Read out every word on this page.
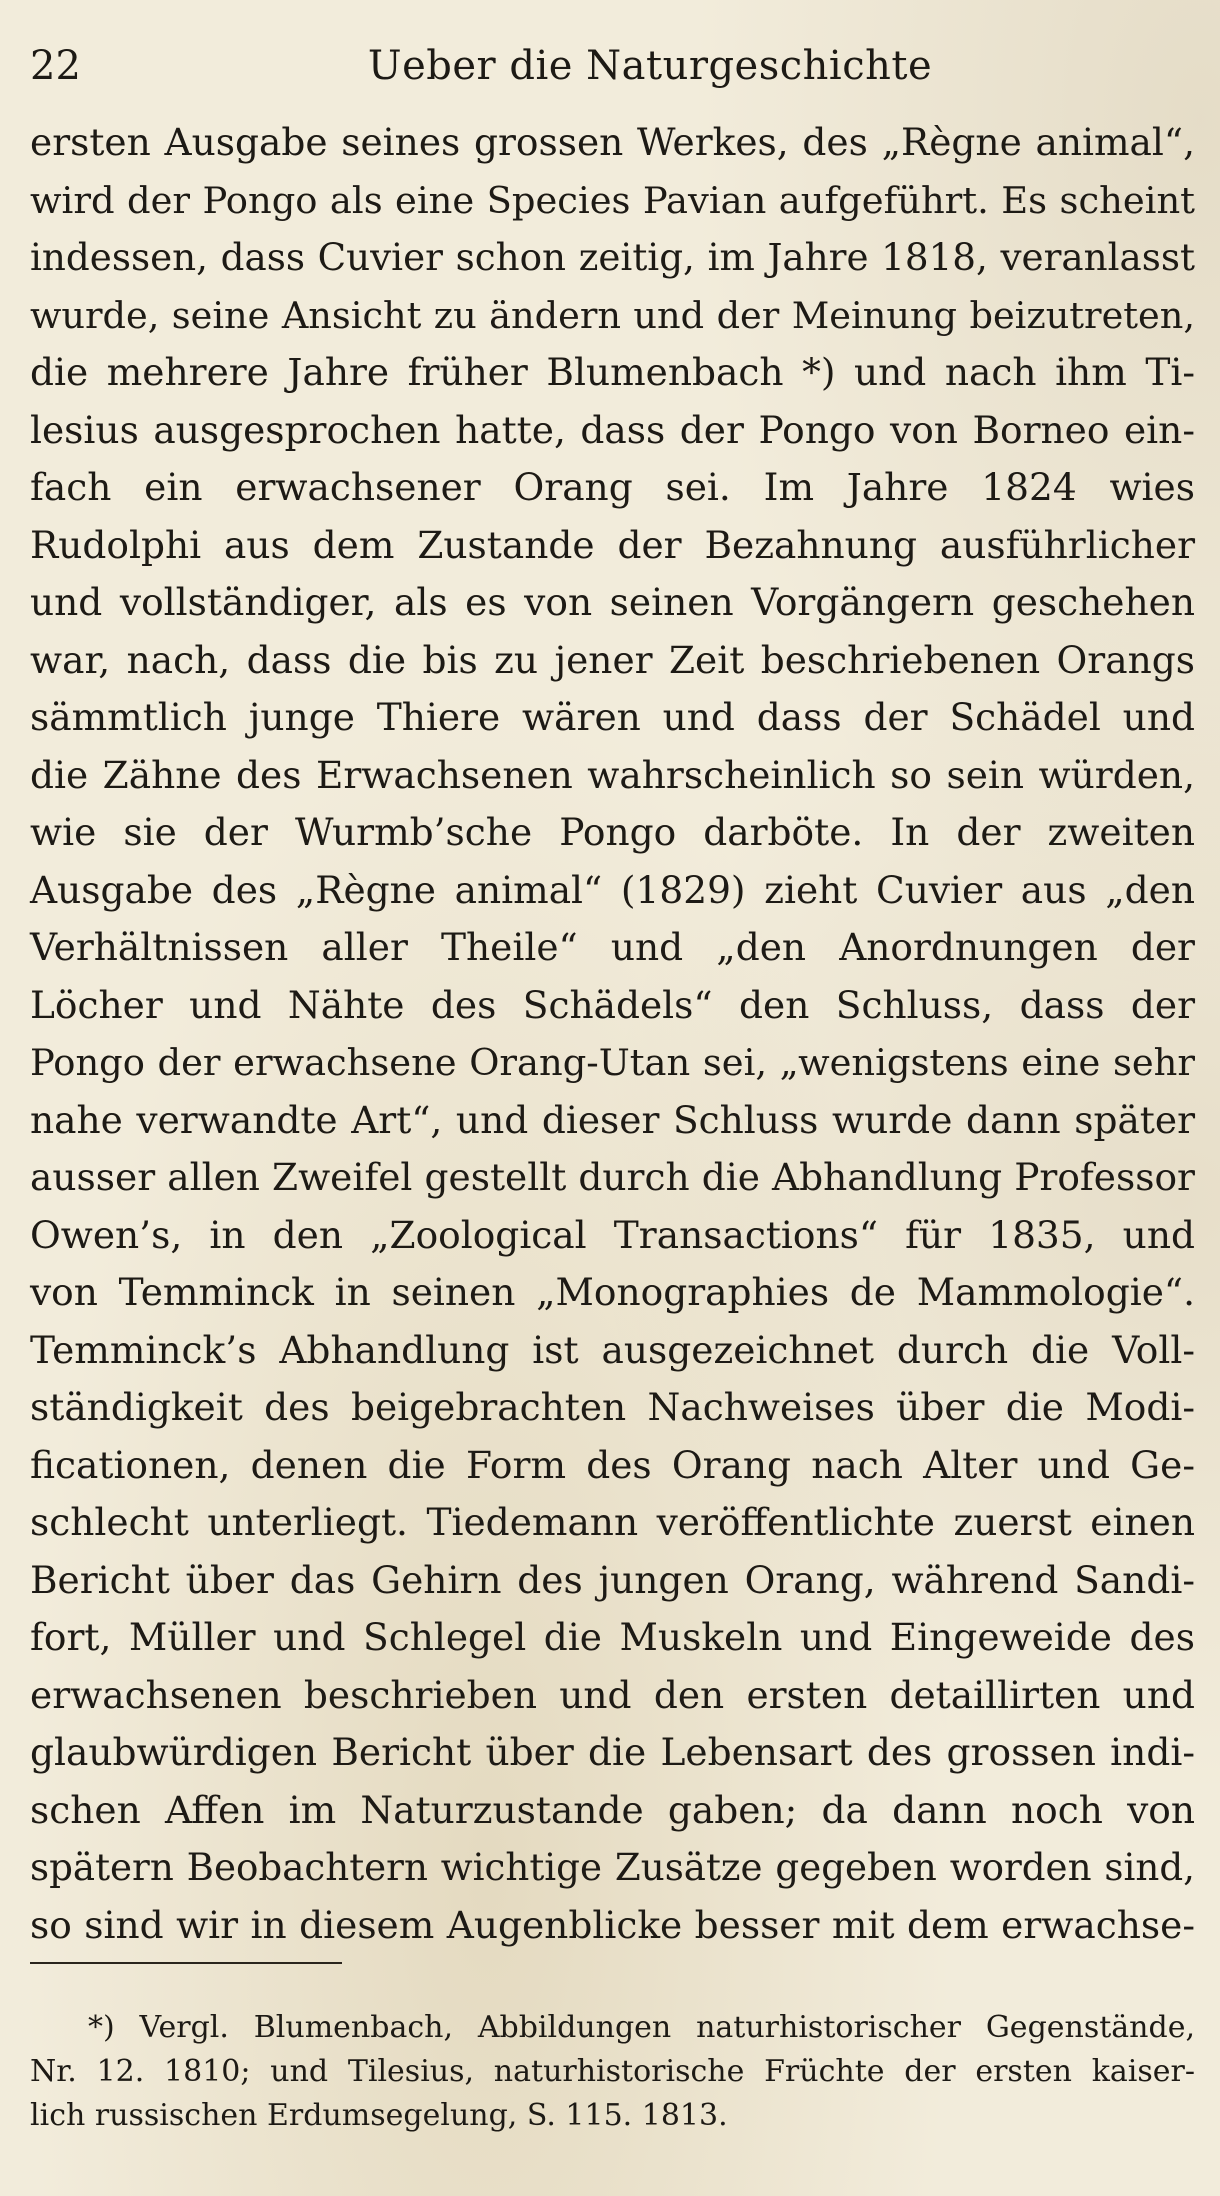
22	Ueber die Naturgeschichte
ersten Ausgabe seines grossen Werkes, des „Règne animal“,
wird der Pongo als eine Species Pavian aufgeführt. Es scheint
indessen, dass Cuvier schon zeitig, im Jahre 1818, veranlasst
wurde, seine Ansicht zu ändern und der Meinung beizutreten,
die mehrere Jahre früher Blumenbach *) und nach ihm Ti-
lesius ausgesprochen hatte, dass der Pongo von Borneo ein-
fach ein erwachsener Orang sei. Im Jahre 1824 wies
Rudolphi aus dem Zustande der Bezahnung ausführlicher
und vollständiger, als es von seinen Vorgängern geschehen
war, nach, dass die bis zu jener Zeit beschriebenen Orangs
sämmtlich junge Thiere wären und dass der Schädel und
die Zähne des Erwachsenen wahrscheinlich so sein würden,
wie sie der Wurmb’sche Pongo darböte. In der zweiten
Ausgabe des „Règne animal“ (1829) zieht Cuvier aus „den
Verhältnissen aller Theile“ und „den Anordnungen der
Löcher und Nähte des Schädels“ den Schluss, dass der
Pongo der erwachsene Orang-Utan sei, „wenigstens eine sehr
nahe verwandte Art“, und dieser Schluss wurde dann später
ausser allen Zweifel gestellt durch die Abhandlung Professor
Owen’s, in den „Zoological Transactions“ für 1835, und
von Temminck in seinen „Monographies de Mammologie“.
Temminck’s Abhandlung ist ausgezeichnet durch die Voll-
ständigkeit des beigebrachten Nachweises über die Modi-
ficationen, denen die Form des Orang nach Alter und Ge-
schlecht unterliegt. Tiedemann veröffentlichte zuerst einen
Bericht über das Gehirn des jungen Orang, während Sandi-
fort, Müller und Schlegel die Muskeln und Eingeweide des
erwachsenen beschrieben und den ersten detaillirten und
glaubwürdigen Bericht über die Lebensart des grossen indi-
schen Affen im Naturzustande gaben; da dann noch von
spätern Beobachtern wichtige Zusätze gegeben worden sind,
so sind wir in diesem Augenblicke besser mit dem erwachse-
*) Vergl. Blumenbach, Abbildungen naturhistorischer Gegenstände,
Nr. 12. 1810; und Tilesius, naturhistorische Früchte der ersten kaiser-
lich russischen Erdumsegelung, S. 115. 1813.
